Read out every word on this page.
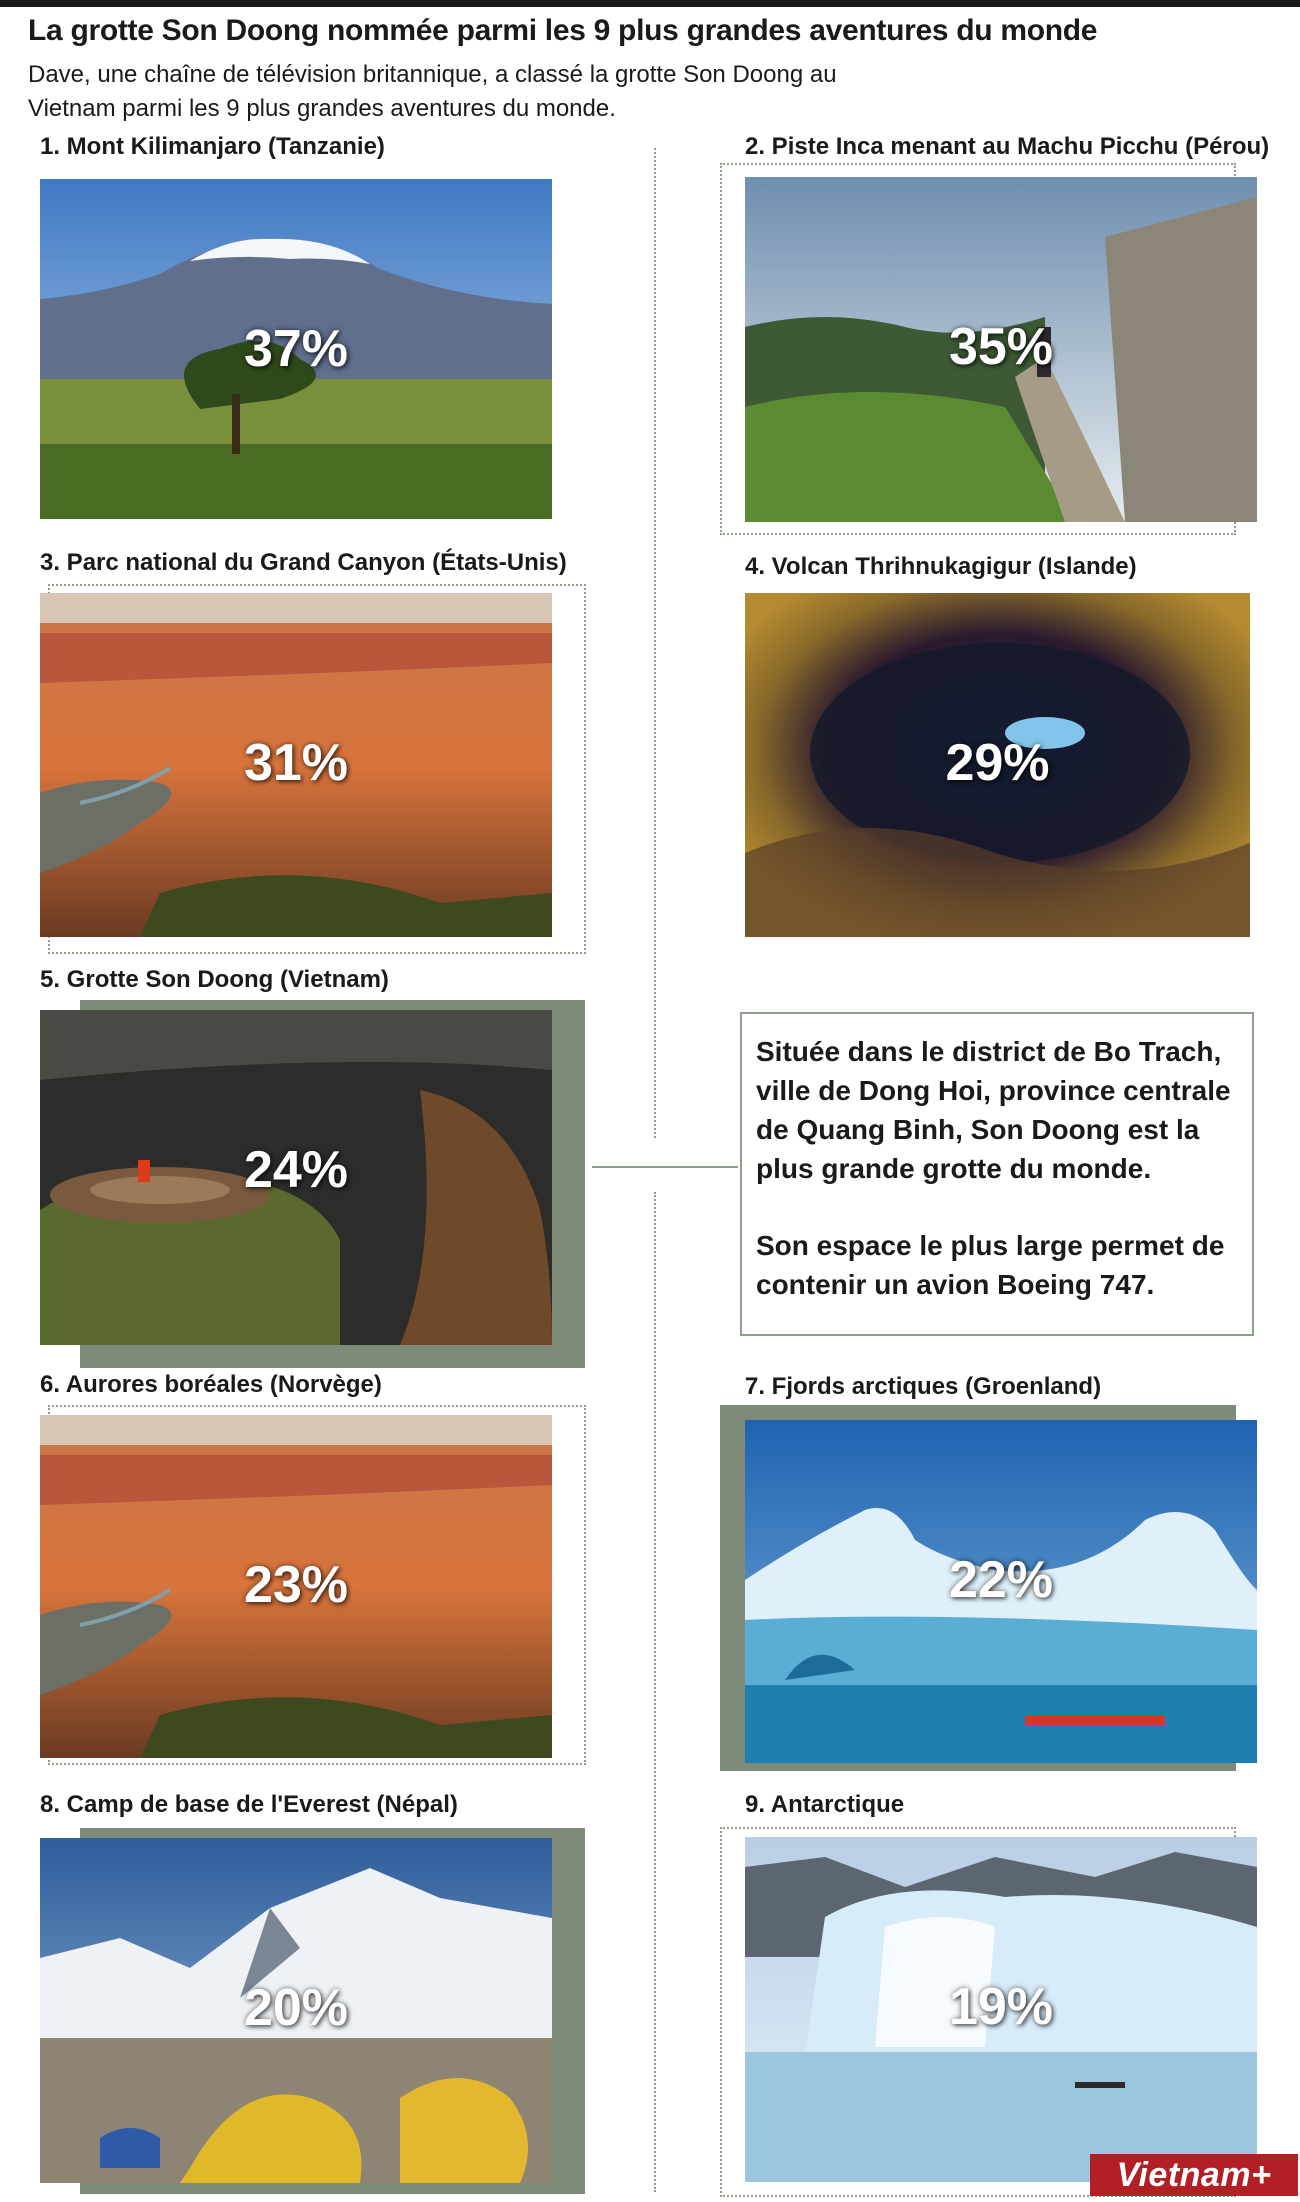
La grotte Son Doong nommée parmi les 9 plus grandes aventures du monde
Dave, une chaîne de télévision britannique, a classé la grotte Son Doong au Vietnam parmi les 9 plus grandes aventures du monde.
1. Mont Kilimanjaro (Tanzanie)
37%
2. Piste Inca menant au Machu Picchu (Pérou)
35%
3. Parc national du Grand Canyon (États-Unis)
31%
4. Volcan Thrihnukagigur (Islande)
29%
5. Grotte Son Doong (Vietnam)
24%

Située dans le district de Bo Trach, ville de Dong Hoi, province centrale de Quang Binh, Son Doong est la plus grande grotte du monde.

Son espace le plus large permet de contenir un avion Boeing 747.

6. Aurores boréales (Norvège)
23%
7. Fjords arctiques (Groenland)
22%
8. Camp de base de l'Everest (Népal)
20%
9. Antarctique
19%
Vietnam+
